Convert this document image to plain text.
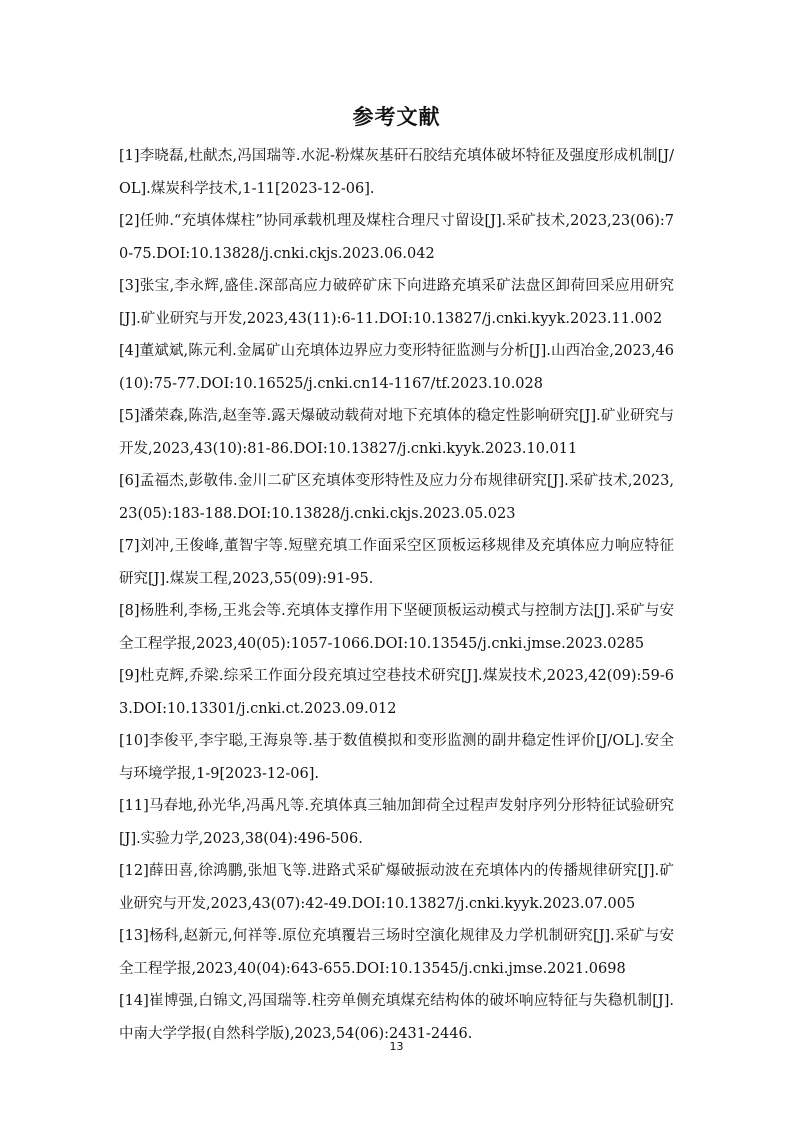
参考文献
[1]李晓磊,杜献杰,冯国瑞等.水泥-粉煤灰基矸石胶结充填体破坏特征及强度形成机制[J/OL].煤炭科学技术,1-11[2023-12-06].
[2]任帅.“充填体煤柱”协同承载机理及煤柱合理尺寸留设[J].采矿技术,2023,23(06):70-75.DOI:10.13828/j.cnki.ckjs.2023.06.042
[3]张宝,李永辉,盛佳.深部高应力破碎矿床下向进路充填采矿法盘区卸荷回采应用研究[J].矿业研究与开发,2023,43(11):6-11.DOI:10.13827/j.cnki.kyyk.2023.11.002
[4]董斌斌,陈元利.金属矿山充填体边界应力变形特征监测与分析[J].山西冶金,2023,46(10):75-77.DOI:10.16525/j.cnki.cn14-1167/tf.2023.10.028
[5]潘荣森,陈浩,赵奎等.露天爆破动载荷对地下充填体的稳定性影响研究[J].矿业研究与开发,2023,43(10):81-86.DOI:10.13827/j.cnki.kyyk.2023.10.011
[6]孟福杰,彭敬伟.金川二矿区充填体变形特性及应力分布规律研究[J].采矿技术,2023,23(05):183-188.DOI:10.13828/j.cnki.ckjs.2023.05.023
[7]刘冲,王俊峰,董智宇等.短壁充填工作面采空区顶板运移规律及充填体应力响应特征研究[J].煤炭工程,2023,55(09):91-95.
[8]杨胜利,李杨,王兆会等.充填体支撑作用下坚硬顶板运动模式与控制方法[J].采矿与安全工程学报,2023,40(05):1057-1066.DOI:10.13545/j.cnki.jmse.2023.0285
[9]杜克辉,乔梁.综采工作面分段充填过空巷技术研究[J].煤炭技术,2023,42(09):59-63.DOI:10.13301/j.cnki.ct.2023.09.012
[10]李俊平,李宇聪,王海泉等.基于数值模拟和变形监测的副井稳定性评价[J/OL].安全与环境学报,1-9[2023-12-06].
[11]马春地,孙光华,冯禹凡等.充填体真三轴加卸荷全过程声发射序列分形特征试验研究[J].实验力学,2023,38(04):496-506.
[12]薛田喜,徐鸿鹏,张旭飞等.进路式采矿爆破振动波在充填体内的传播规律研究[J].矿业研究与开发,2023,43(07):42-49.DOI:10.13827/j.cnki.kyyk.2023.07.005
[13]杨科,赵新元,何祥等.原位充填覆岩三场时空演化规律及力学机制研究[J].采矿与安全工程学报,2023,40(04):643-655.DOI:10.13545/j.cnki.jmse.2021.0698
[14]崔博强,白锦文,冯国瑞等.柱旁单侧充填煤充结构体的破坏响应特征与失稳机制[J].中南大学学报(自然科学版),2023,54(06):2431-2446.
13
